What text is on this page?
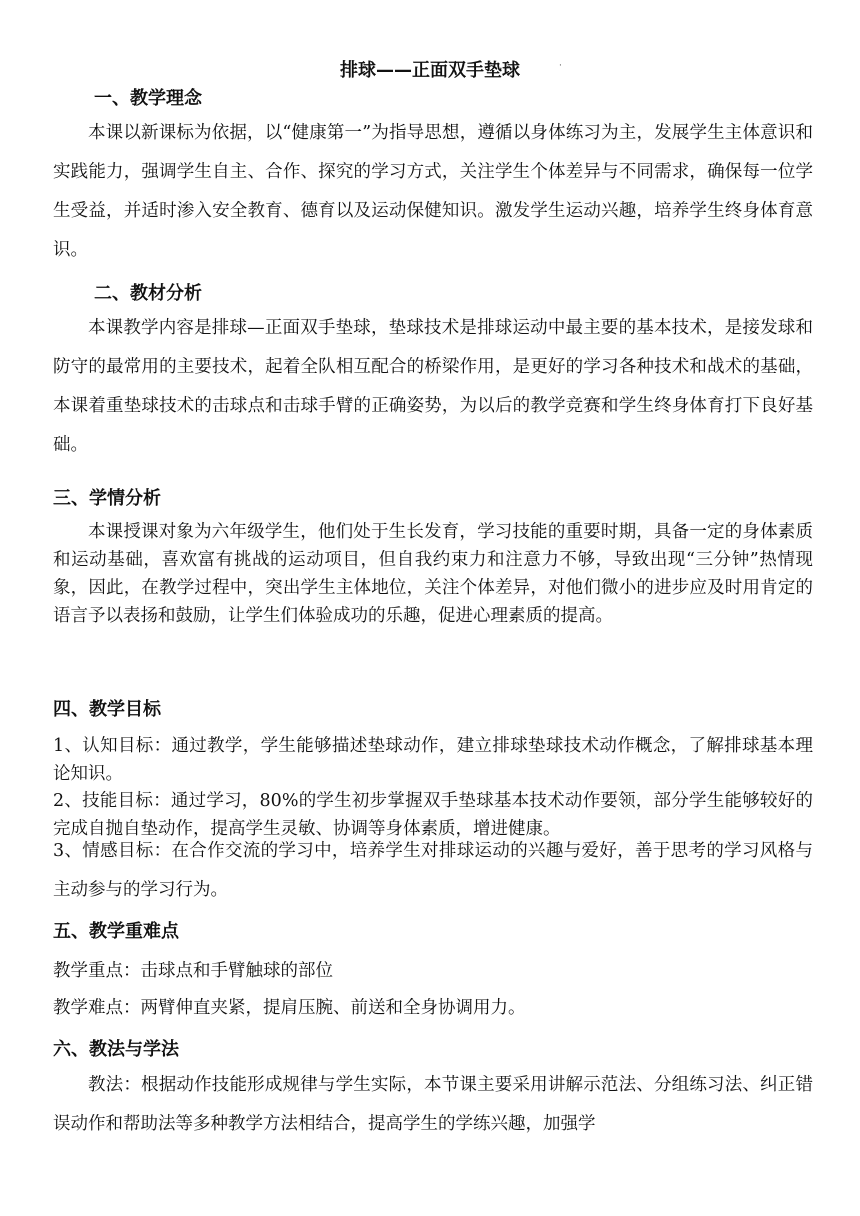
排球——正面双手垫球	·
一、教学理念

本课以新课标为依据，以“健康第一”为指导思想，遵循以身体练习为主，发展学生主体意识和实践能力，强调学生自主、合作、探究的学习方式，关注学生个体差异与不同需求，确保每一位学生受益，并适时渗入安全教育、德育以及运动保健知识。激发学生运动兴趣，培养学生终身体育意识。

二、教材分析

本课教学内容是排球—正面双手垫球，垫球技术是排球运动中最主要的基本技术，是接发球和防守的最常用的主要技术，起着全队相互配合的桥梁作用，是更好的学习各种技术和战术的基础，本课着重垫球技术的击球点和击球手臂的正确姿势，为以后的教学竞赛和学生终身体育打下良好基础。

三、学情分析

本课授课对象为六年级学生，他们处于生长发育，学习技能的重要时期，具备一定的身体素质和运动基础，喜欢富有挑战的运动项目，但自我约束力和注意力不够，导致出现“三分钟”热情现象，因此，在教学过程中，突出学生主体地位，关注个体差异，对他们微小的进步应及时用肯定的语言予以表扬和鼓励，让学生们体验成功的乐趣，促进心理素质的提高。

四、教学目标

1、认知目标：通过教学，学生能够描述垫球动作，建立排球垫球技术动作概念，了解排球基本理论知识。

2、技能目标：通过学习，80%的学生初步掌握双手垫球基本技术动作要领，部分学生能够较好的完成自抛自垫动作，提高学生灵敏、协调等身体素质，增进健康。

3、情感目标：在合作交流的学习中，培养学生对排球运动的兴趣与爱好，善于思考的学习风格与主动参与的学习行为。

五、教学重难点

教学重点：击球点和手臂触球的部位

教学难点：两臂伸直夹紧，提肩压腕、前送和全身协调用力。

六、教法与学法

教法：根据动作技能形成规律与学生实际，本节课主要采用讲解示范法、分组练习法、纠正错误动作和帮助法等多种教学方法相结合，提高学生的学练兴趣，加强学
